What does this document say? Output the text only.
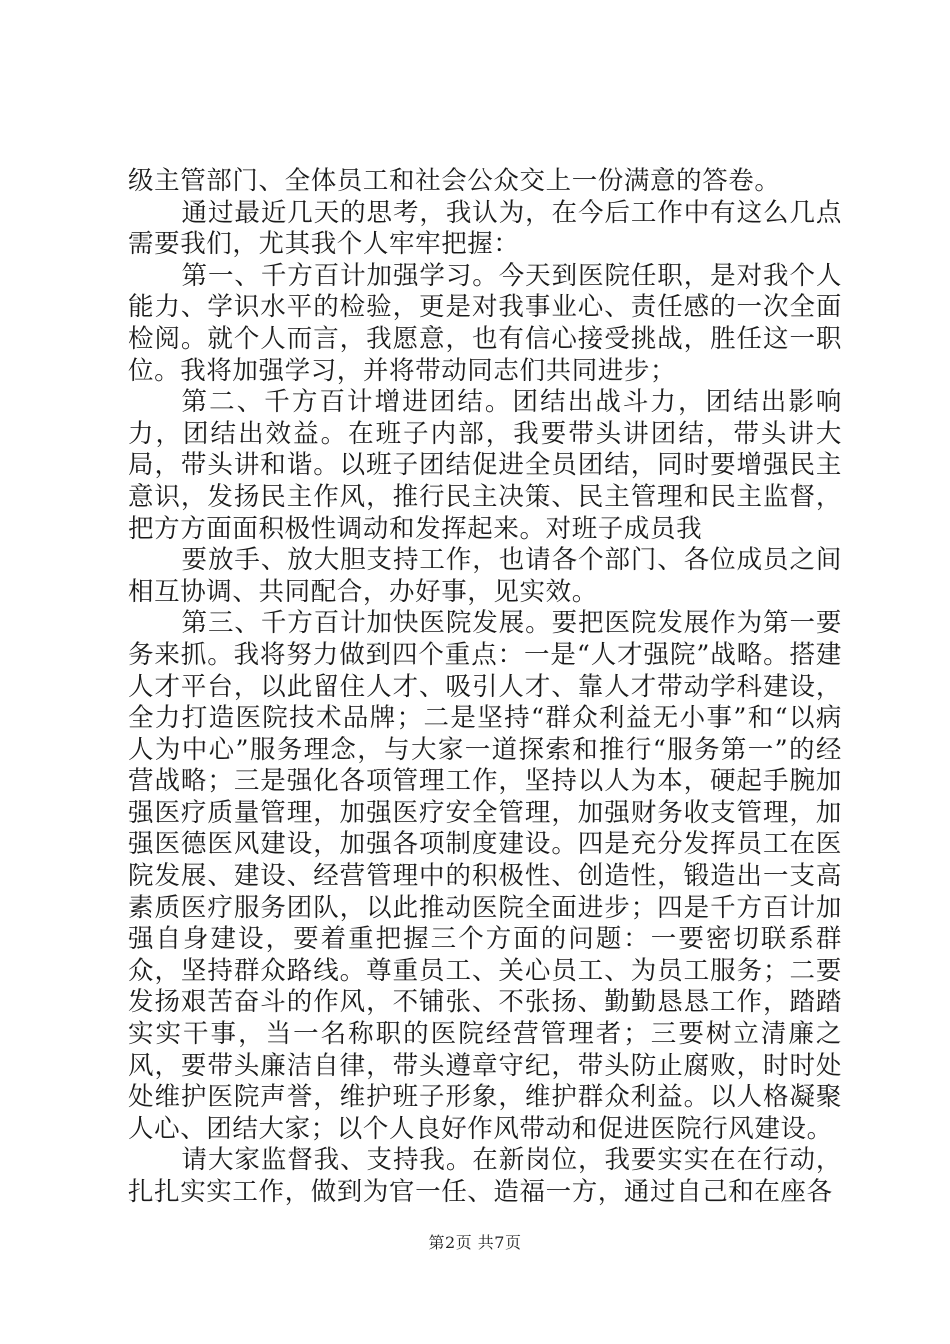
级主管部门、全体员工和社会公众交上一份满意的答卷。

通过最近几天的思考，我认为，在今后工作中有这么几点需要我们，尤其我个人牢牢把握：

第一、千方百计加强学习。今天到医院任职，是对我个人能力、学识水平的检验，更是对我事业心、责任感的一次全面检阅。就个人而言，我愿意，也有信心接受挑战，胜任这一职位。我将加强学习，并将带动同志们共同进步；

第二、千方百计增进团结。团结出战斗力，团结出影响力，团结出效益。在班子内部，我要带头讲团结，带头讲大局，带头讲和谐。以班子团结促进全员团结，同时要增强民主意识，发扬民主作风，推行民主决策、民主管理和民主监督，把方方面面积极性调动和发挥起来。对班子成员我

要放手、放大胆支持工作，也请各个部门、各位成员之间相互协调、共同配合，办好事，见实效。

第三、千方百计加快医院发展。要把医院发展作为第一要务来抓。我将努力做到四个重点：一是“人才强院”战略。搭建人才平台，以此留住人才、吸引人才、靠人才带动学科建设，全力打造医院技术品牌；二是坚持“群众利益无小事”和“以病人为中心”服务理念，与大家一道探索和推行“服务第一”的经营战略；三是强化各项管理工作，坚持以人为本，硬起手腕加强医疗质量管理，加强医疗安全管理，加强财务收支管理，加强医德医风建设，加强各项制度建设。四是充分发挥员工在医院发展、建设、经营管理中的积极性、创造性，锻造出一支高素质医疗服务团队，以此推动医院全面进步；四是千方百计加强自身建设，要着重把握三个方面的问题：一要密切联系群众，坚持群众路线。尊重员工、关心员工、为员工服务；二要发扬艰苦奋斗的作风，不铺张、不张扬、勤勤恳恳工作，踏踏实实干事，当一名称职的医院经营管理者；三要树立清廉之风，要带头廉洁自律，带头遵章守纪，带头防止腐败，时时处处维护医院声誉，维护班子形象，维护群众利益。以人格凝聚人心、团结大家；以个人良好作风带动和促进医院行风建设。

请大家监督我、支持我。在新岗位，我要实实在在行动，扎扎实实工作，做到为官一任、造福一方，通过自己和在座各

第2页 共7页
